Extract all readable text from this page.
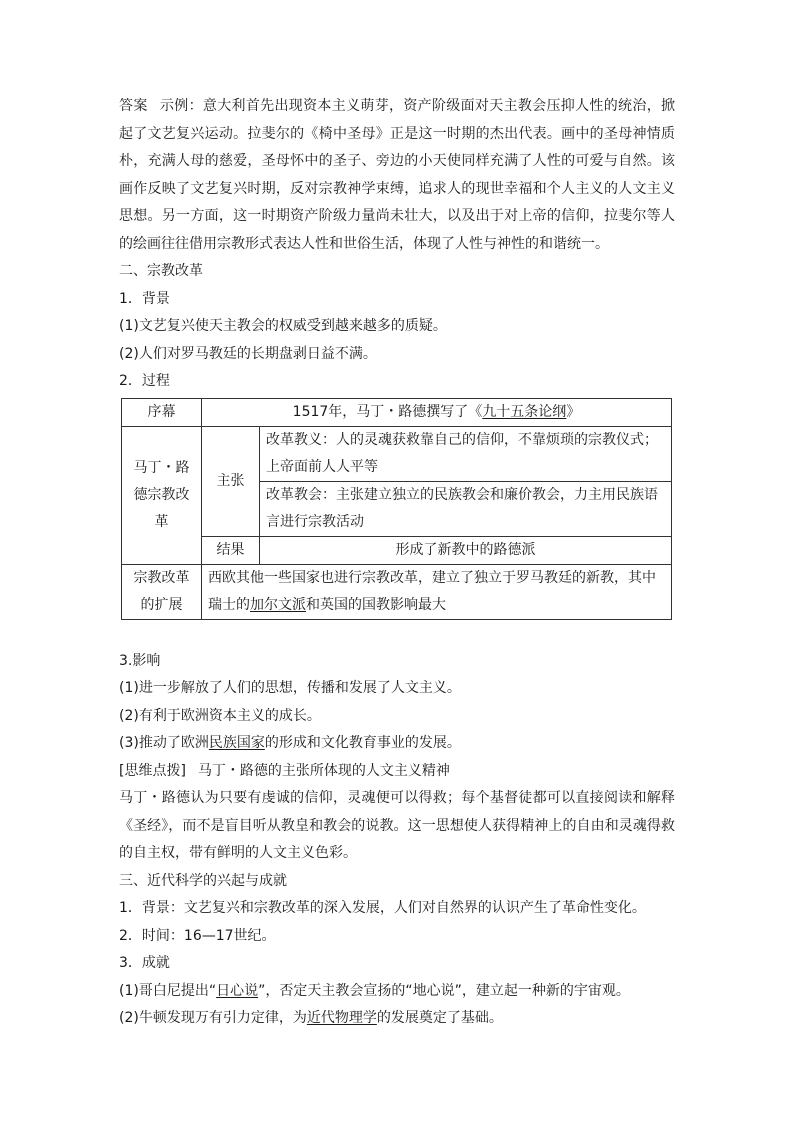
答案 示例：意大利首先出现资本主义萌芽，资产阶级面对天主教会压抑人性的统治，掀起了文艺复兴运动。拉斐尔的《椅中圣母》正是这一时期的杰出代表。画中的圣母神情质朴，充满人母的慈爱，圣母怀中的圣子、旁边的小天使同样充满了人性的可爱与自然。该画作反映了文艺复兴时期，反对宗教神学束缚，追求人的现世幸福和个人主义的人文主义思想。另一方面，这一时期资产阶级力量尚未壮大，以及出于对上帝的信仰，拉斐尔等人的绘画往往借用宗教形式表达人性和世俗生活，体现了人性与神性的和谐统一。

二、宗教改革

1．背景

(1)文艺复兴使天主教会的权威受到越来越多的质疑。

(2)人们对罗马教廷的长期盘剥日益不满。

2．过程

序幕	1517年，马丁・路德撰写了《九十五条论纲》	
马丁・路德宗教改革	主张	改革教义：人的灵魂获救靠自己的信仰，不靠烦琐的宗教仪式；上帝面前人人平等
		改革教会：主张建立独立的民族教会和廉价教会，力主用民族语言进行宗教活动
	结果	形成了新教中的路德派
宗教改革的扩展	西欧其他一些国家也进行宗教改革，建立了独立于罗马教廷的新教，其中瑞士的加尔文派和英国的国教影响最大	

3.影响

(1)进一步解放了人们的思想，传播和发展了人文主义。

(2)有利于欧洲资本主义的成长。

(3)推动了欧洲民族国家的形成和文化教育事业的发展。

[思维点拨] 马丁・路德的主张所体现的人文主义精神

马丁・路德认为只要有虔诚的信仰，灵魂便可以得救；每个基督徒都可以直接阅读和解释《圣经》，而不是盲目听从教皇和教会的说教。这一思想使人获得精神上的自由和灵魂得救的自主权，带有鲜明的人文主义色彩。

三、近代科学的兴起与成就

1．背景：文艺复兴和宗教改革的深入发展，人们对自然界的认识产生了革命性变化。

2．时间：16—17世纪。

3．成就

(1)哥白尼提出“日心说”，否定天主教会宣扬的“地心说”，建立起一种新的宇宙观。

(2)牛顿发现万有引力定律，为近代物理学的发展奠定了基础。
